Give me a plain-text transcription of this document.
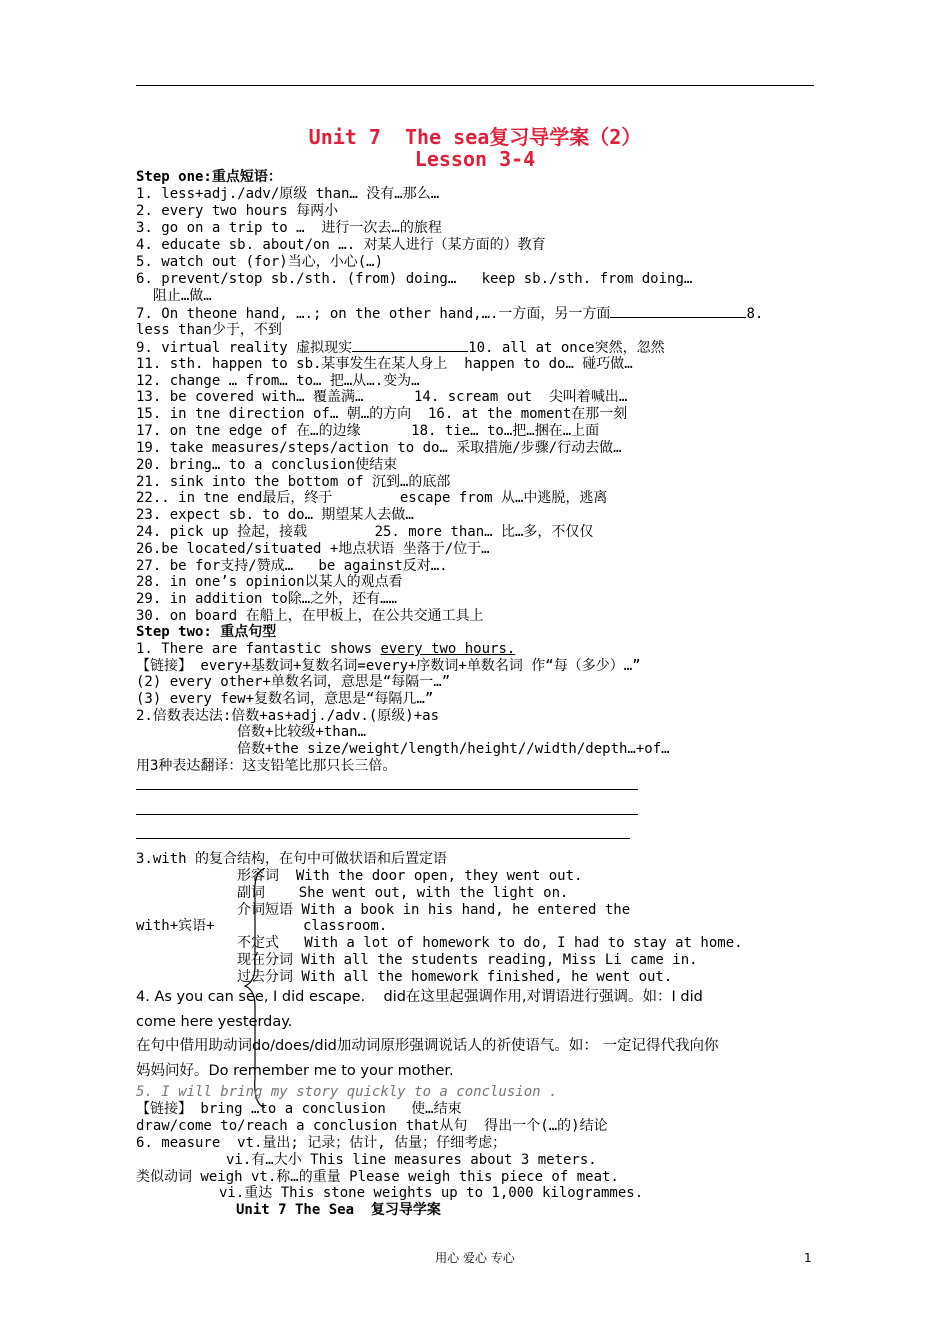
Unit 7  The sea复习导学案（2）
Lesson 3-4
Step one:重点短语：
1. less+adj./adv/原级 than… 没有…那么…
2. every two hours 每两小
3. go on a trip to …  进行一次去…的旅程
4. educate sb. about/on …. 对某人进行（某方面的）教育
5. watch out (for)当心，小心(…)
6. prevent/stop sb./sth. (from) doing…   keep sb./sth. from doing…
阻止…做…
7. On theone hand, ….; on the other hand,….一方面，另一方面	8.
less than少于，不到
9. virtual reality 虚拟现实	10. all at once突然，忽然
11. sth. happen to sb.某事发生在某人身上  happen to do… 碰巧做…
12. change … from… to… 把…从….变为…
13. be covered with… 覆盖满…      14. scream out  尖叫着喊出…
15. in tne direction of… 朝…的方向  16. at the moment在那一刻
17. on tne edge of 在…的边缘      18. tie… to…把…捆在…上面
19. take measures/steps/action to do… 采取措施/步骤/行动去做…
20. bring… to a conclusion使结束
21. sink into the bottom of 沉到…的底部
22.. in tne end最后，终于        escape from 从…中逃脱，逃离
23. expect sb. to do… 期望某人去做…
24. pick up 捡起，接载        25. more than… 比…多，不仅仅
26.be located/situated +地点状语 坐落于/位于…
27. be for支持/赞成…   be against反对….
28. in one’s opinion以某人的观点看
29. in addition to除…之外，还有……
30. on board 在船上，在甲板上，在公共交通工具上
Step two: 重点句型
1. There are fantastic shows every two hours.
【链接】 every+基数词+复数名词=every+序数词+单数名词 作“每（多少）…”
(2) every other+单数名词，意思是“每隔一…”
(3) every few+复数名词，意思是“每隔几…”
2.倍数表达法:倍数+as+adj./adv.(原级)+as
倍数+比较级+than…
倍数+the size/weight/length/height//width/depth…+of…
用3种表达翻译：这支铅笔比那只长三倍。
3.with 的复合结构，在句中可做状语和后置定语
形容词  With the door open, they went out.
副词    She went out, with the light on.
介词短语 With a book in his hand, he entered the
with+宾语+	classroom.
不定式   With a lot of homework to do, I had to stay at home.
现在分词 With all the students reading, Miss Li came in.
过去分词 With all the homework finished, he went out.
4. As you can see, I did escape.    did在这里起强调作用,对谓语进行强调。如：I did
come here yesterday.
在句中借用助动词do/does/did加动词原形强调说话人的祈使语气。如： 一定记得代我向你
妈妈问好。Do remember me to your mother.
5. I will bring my story quickly to a conclusion .
【链接】 bring …to a conclusion   使…结束
draw/come to/reach a conclusion that从句  得出一个(…的)结论
6. measure  vt.量出; 记录；估计, 估量；仔细考虑；
vi.有…大小 This line measures about 3 meters.
类似动词 weigh vt.称…的重量 Please weigh this piece of meat.
vi.重达 This stone weights up to 1,000 kilogrammes.
Unit 7 The Sea  复习导学案
用心 爱心 专心	1
